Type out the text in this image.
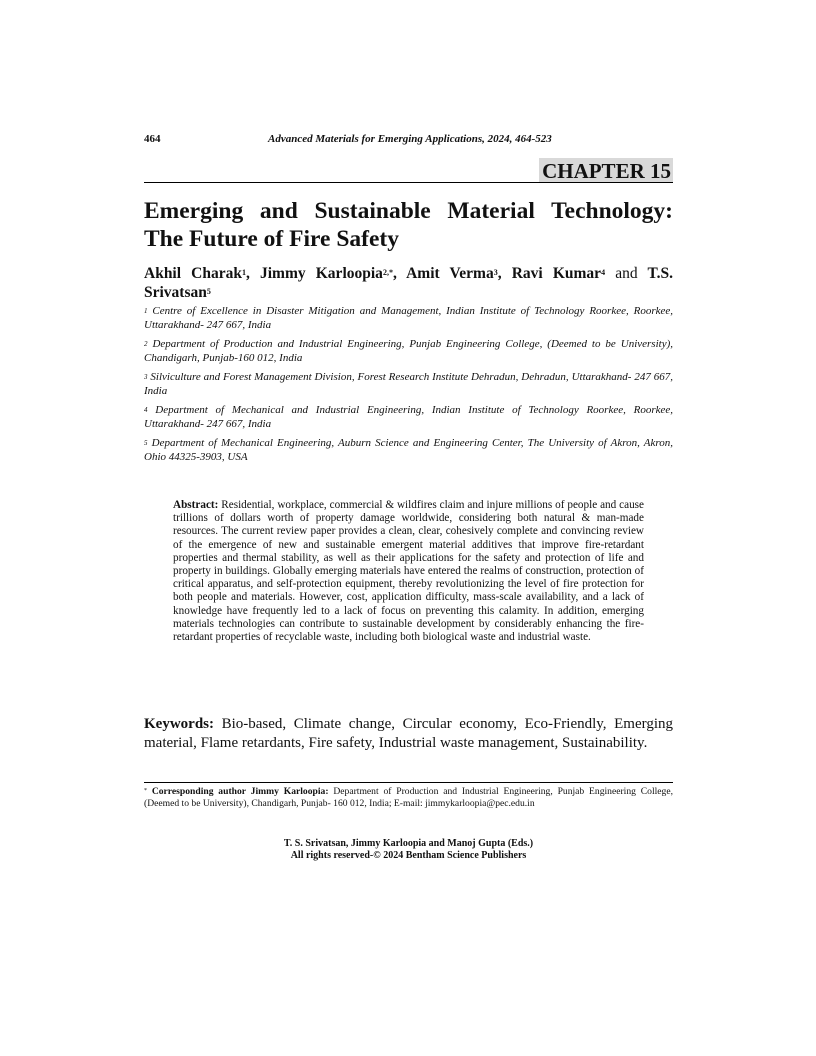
464	Advanced Materials for Emerging Applications, 2024, 464-523
CHAPTER 15
Emerging and Sustainable Material Technology: The Future of Fire Safety
Akhil Charak$^1$, Jimmy Karloopia$^{2,*}$, Amit Verma$^3$, Ravi Kumar$^4$ and T.S. Srivatsan$^5$

$^1$ Centre of Excellence in Disaster Mitigation and Management, Indian Institute of Technology Roorkee, Roorkee, Uttarakhand- 247 667, India

$^2$ Department of Production and Industrial Engineering, Punjab Engineering College, (Deemed to be University), Chandigarh, Punjab-160 012, India

$^3$ Silviculture and Forest Management Division, Forest Research Institute Dehradun, Dehradun, Uttarakhand- 247 667, India

$^4$ Department of Mechanical and Industrial Engineering, Indian Institute of Technology Roorkee, Roorkee, Uttarakhand- 247 667, India

$^5$ Department of Mechanical Engineering, Auburn Science and Engineering Center, The University of Akron, Akron, Ohio 44325-3903, USA

Abstract: Residential, workplace, commercial & wildfires claim and injure millions of people and cause trillions of dollars worth of property damage worldwide, considering both natural & man-made resources. The current review paper provides a clean, clear, cohesively complete and convincing review of the emergence of new and sustainable emergent material additives that improve fire-retardant properties and thermal stability, as well as their applications for the safety and protection of life and property in buildings. Globally emerging materials have entered the realms of construction, protection of critical apparatus, and self-protection equipment, thereby revolutionizing the level of fire protection for both people and materials. However, cost, application difficulty, mass-scale availability, and a lack of knowledge have frequently led to a lack of focus on preventing this calamity. In addition, emerging materials technologies can contribute to sustainable development by considerably enhancing the fire-retardant properties of recyclable waste, including both biological waste and industrial waste.

Keywords: Bio-based, Climate change, Circular economy, Eco-Friendly, Emerging material, Flame retardants, Fire safety, Industrial waste management, Sustainability.

* Corresponding author Jimmy Karloopia: Department of Production and Industrial Engineering, Punjab Engineering College, (Deemed to be University), Chandigarh, Punjab- 160 012, India; E-mail: jimmykarloopia@pec.edu.in

T. S. Srivatsan, Jimmy Karloopia and Manoj Gupta (Eds.)
All rights reserved-© 2024 Bentham Science Publishers
